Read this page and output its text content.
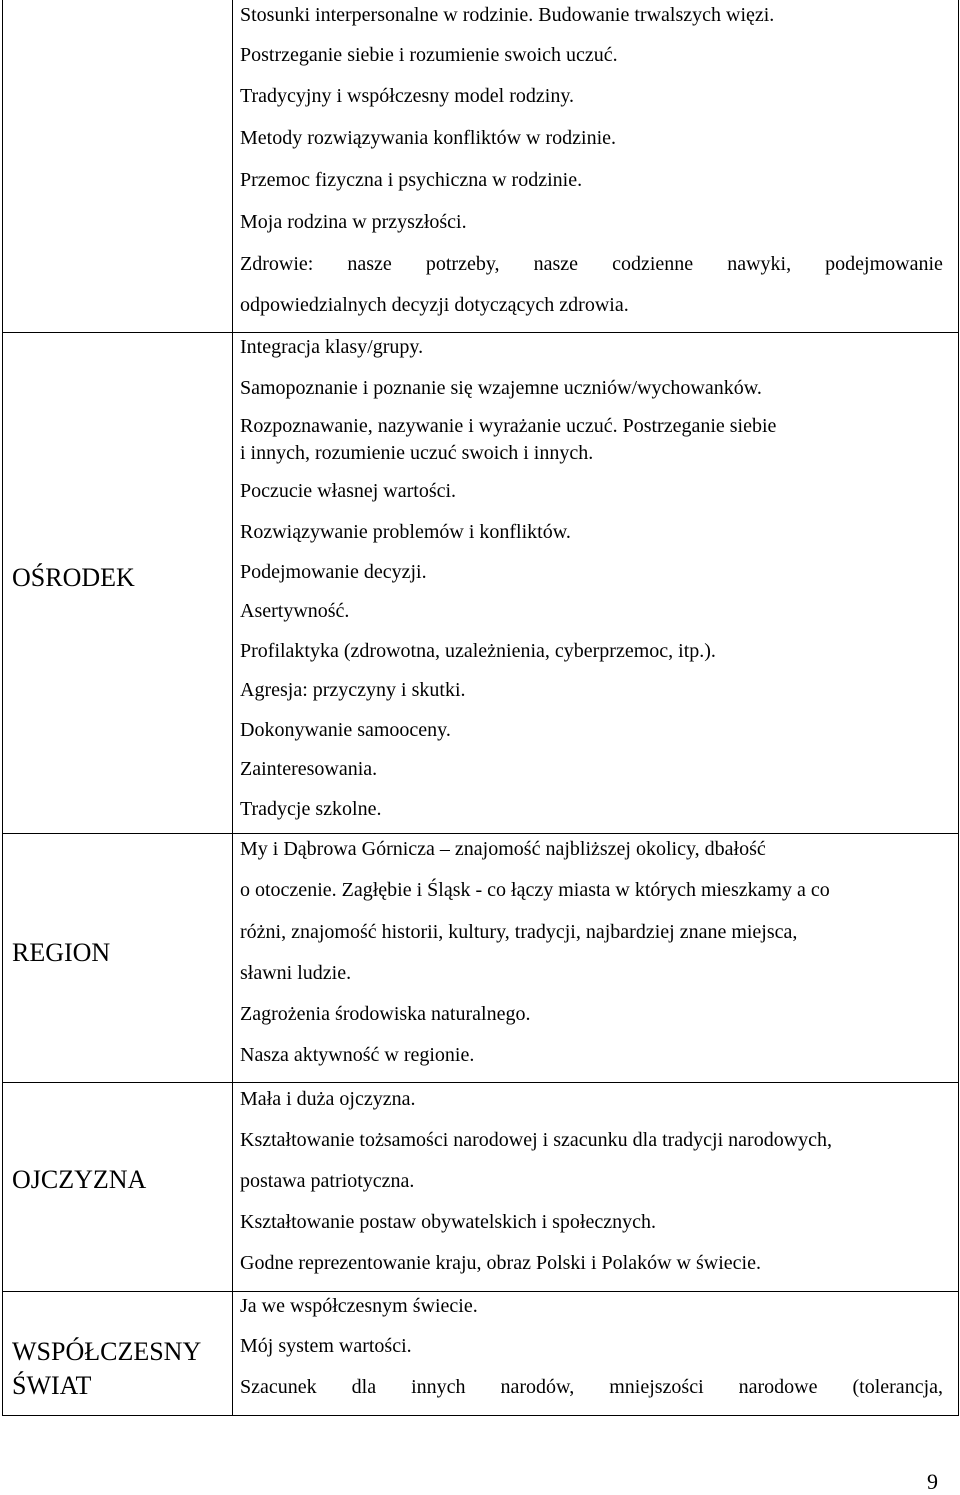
Stosunki interpersonalne w rodzinie. Budowanie trwalszych więzi.
Postrzeganie siebie i rozumienie swoich uczuć.
Tradycyjny i współczesny model rodziny.
Metody rozwiązywania konfliktów w rodzinie.
Przemoc fizyczna i psychiczna w rodzinie.
Moja rodzina w przyszłości.
Zdrowie: nasze potrzeby, nasze codzienne nawyki, podejmowanie
odpowiedzialnych decyzji dotyczących zdrowia.
OŚRODEK
Integracja klasy/grupy.
Samopoznanie i poznanie się wzajemne uczniów/wychowanków.
Rozpoznawanie, nazywanie i wyrażanie uczuć. Postrzeganie siebie
i innych, rozumienie uczuć swoich i innych.
Poczucie własnej wartości.
Rozwiązywanie problemów i konfliktów.
Podejmowanie decyzji.
Asertywność.
Profilaktyka (zdrowotna, uzależnienia, cyberprzemoc, itp.).
Agresja: przyczyny i skutki.
Dokonywanie samooceny.
Zainteresowania.
Tradycje szkolne.
REGION
My i Dąbrowa Górnicza – znajomość najbliższej okolicy, dbałość
o otoczenie. Zagłębie i Śląsk - co łączy miasta w których mieszkamy a co
różni, znajomość historii, kultury, tradycji, najbardziej znane miejsca,
sławni ludzie.
Zagrożenia środowiska naturalnego.
Nasza aktywność w regionie.
OJCZYZNA
Mała i duża ojczyzna.
Kształtowanie tożsamości narodowej i szacunku dla tradycji narodowych,
postawa patriotyczna.
Kształtowanie postaw obywatelskich i społecznych.
Godne reprezentowanie kraju, obraz Polski i Polaków w świecie.
WSPÓŁCZESNY
ŚWIAT
Ja we współczesnym świecie.
Mój system wartości.
Szacunek dla innych narodów, mniejszości narodowe (tolerancja,
9
